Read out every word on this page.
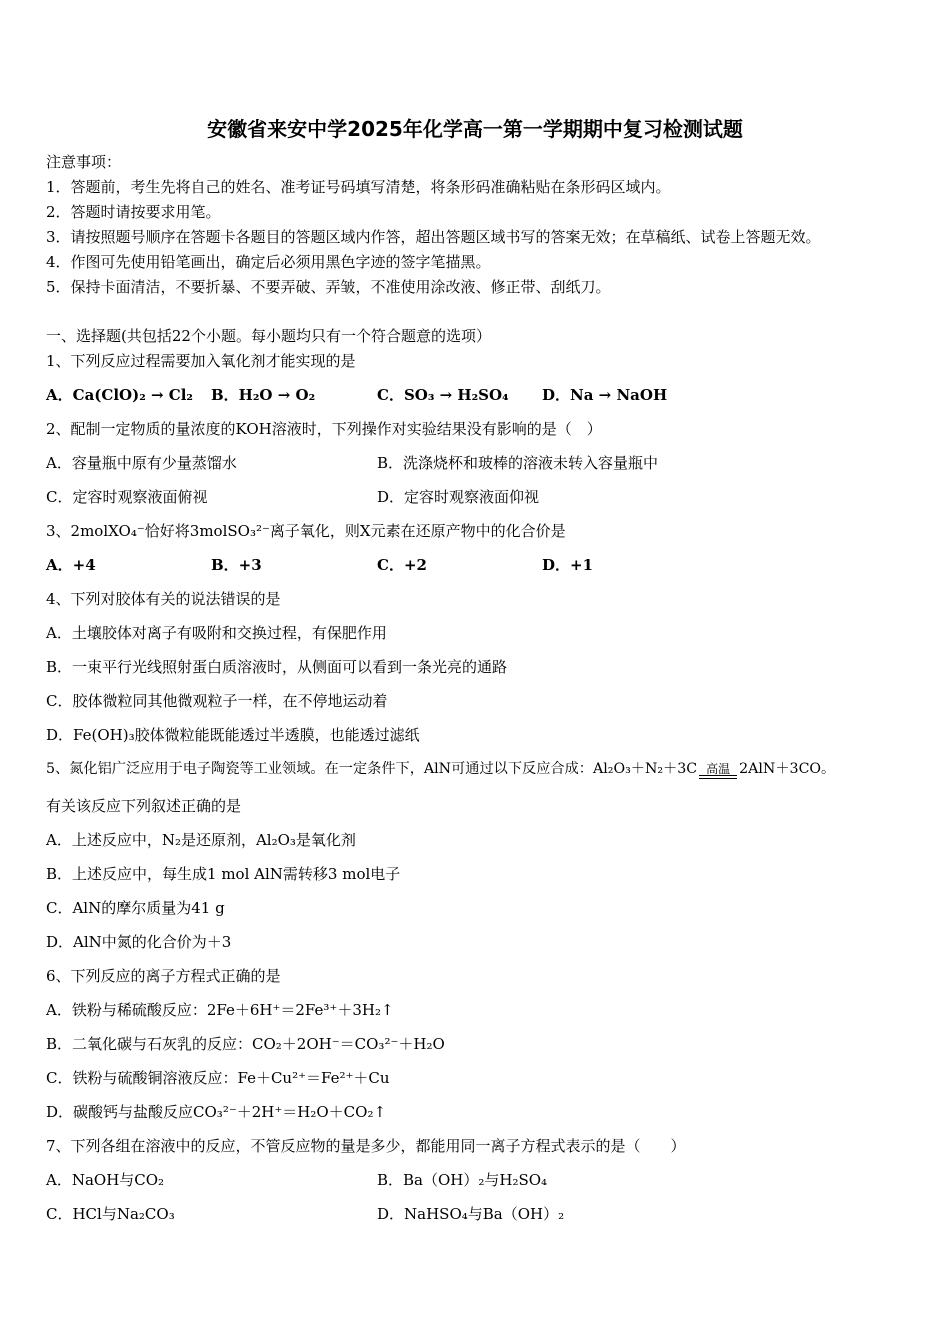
安徽省来安中学2025年化学高一第一学期期中复习检测试题
注意事项：
1．答题前，考生先将自己的姓名、准考证号码填写清楚，将条形码准确粘贴在条形码区域内。
2．答题时请按要求用笔。
3．请按照题号顺序在答题卡各题目的答题区域内作答，超出答题区域书写的答案无效；在草稿纸、试卷上答题无效。
4．作图可先使用铅笔画出，确定后必须用黑色字迹的签字笔描黑。
5．保持卡面清洁，不要折暴、不要弄破、弄皱，不准使用涂改液、修正带、刮纸刀。
一、选择题(共包括22个小题。每小题均只有一个符合题意的选项）
1、下列反应过程需要加入氧化剂才能实现的是
A．Ca(ClO)₂ → Cl₂ B．H₂O → O₂	C．SO₃ → H₂SO₄ D．Na → NaOH
2、配制一定物质的量浓度的KOH溶液时，下列操作对实验结果没有影响的是（　）
A．容量瓶中原有少量蒸馏水	B．洗涤烧杯和玻棒的溶液未转入容量瓶中
C．定容时观察液面俯视	D．定容时观察液面仰视
3、2molXO₄⁻恰好将3molSO₃²⁻离子氧化，则X元素在还原产物中的化合价是
A．+4	B．+3	C．+2	D．+1
4、下列对胶体有关的说法错误的是
A．土壤胶体对离子有吸附和交换过程，有保肥作用
B．一束平行光线照射蛋白质溶液时，从侧面可以看到一条光亮的通路
C．胶体微粒同其他微观粒子一样，在不停地运动着
D．Fe(OH)₃胶体微粒能既能透过半透膜，也能透过滤纸
5、氮化铝广泛应用于电子陶瓷等工业领域。在一定条件下，AlN可通过以下反应合成：Al₂O₃＋N₂＋3C 高温 2AlN＋3CO。
有关该反应下列叙述正确的是
A．上述反应中，N₂是还原剂，Al₂O₃是氧化剂
B．上述反应中，每生成1 mol AlN需转移3 mol电子
C．AlN的摩尔质量为41 g
D．AlN中氮的化合价为＋3
6、下列反应的离子方程式正确的是
A．铁粉与稀硫酸反应：2Fe＋6H⁺＝2Fe³⁺＋3H₂↑
B．二氧化碳与石灰乳的反应：CO₂＋2OH⁻＝CO₃²⁻＋H₂O
C．铁粉与硫酸铜溶液反应：Fe＋Cu²⁺＝Fe²⁺＋Cu
D．碳酸钙与盐酸反应CO₃²⁻＋2H⁺＝H₂O＋CO₂↑
7、下列各组在溶液中的反应，不管反应物的量是多少，都能用同一离子方程式表示的是（　　）
A．NaOH与CO₂	B．Ba（OH）₂与H₂SO₄
C．HCl与Na₂CO₃	D．NaHSO₄与Ba（OH）₂
